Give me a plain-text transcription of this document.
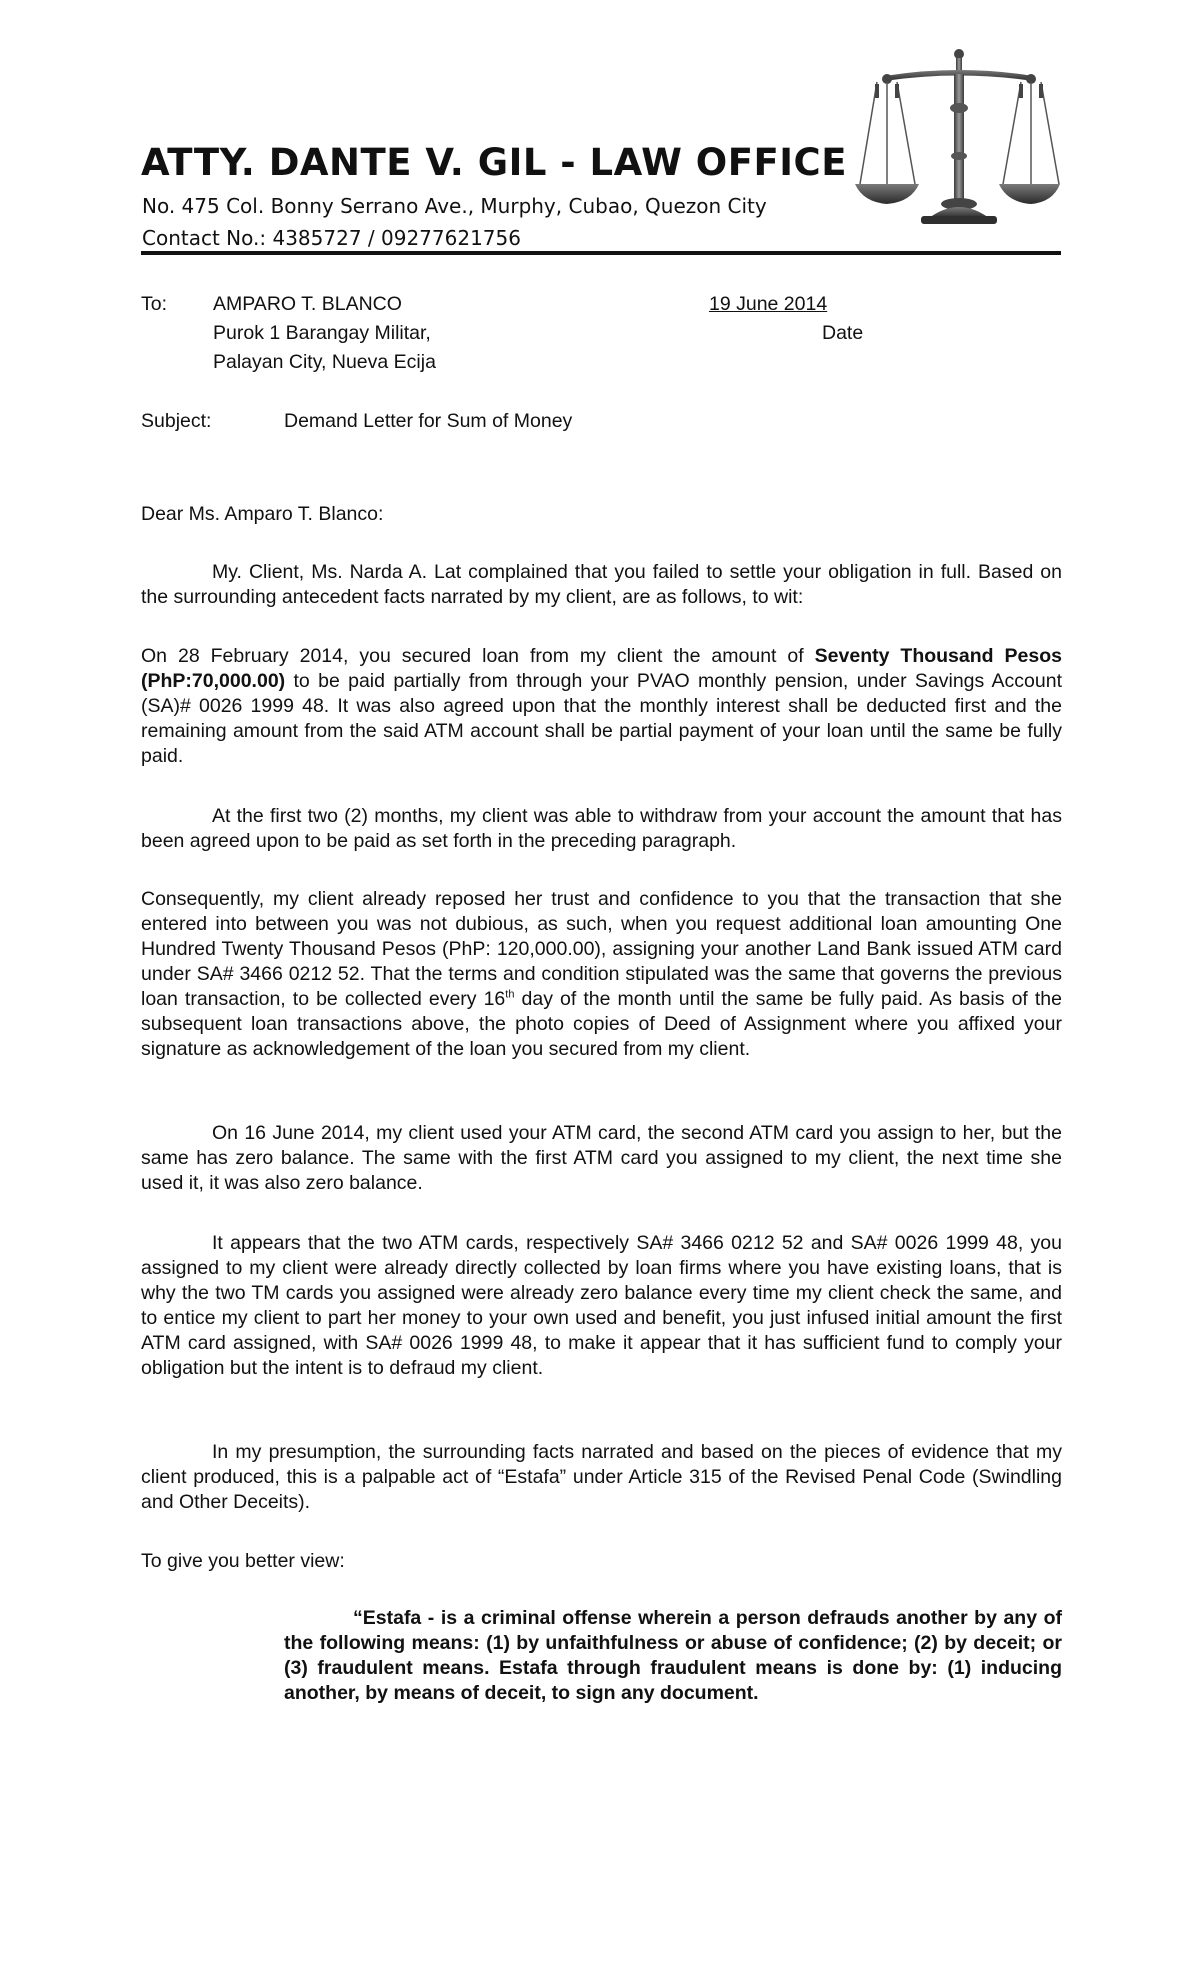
ATTY. DANTE V. GIL - LAW OFFICE
No. 475 Col. Bonny Serrano Ave., Murphy, Cubao, Quezon City
Contact No.: 4385727 / 09277621756
To: AMPARO T. BLANCO
Purok 1 Barangay Militar,
Palayan City, Nueva Ecija
19 June 2014
Date
Subject:	Demand Letter for Sum of Money
Dear Ms. Amparo T. Blanco:

My. Client, Ms. Narda A. Lat complained that you failed to settle your obligation in full. Based on the surrounding antecedent facts narrated by my client, are as follows, to wit:

On 28 February 2014, you secured loan from my client the amount of Seventy Thousand Pesos (PhP:70,000.00) to be paid partially from through your PVAO monthly pension, under Savings Account (SA)# 0026 1999 48. It was also agreed upon that the monthly interest shall be deducted first and the remaining amount from the said ATM account shall be partial payment of your loan until the same be fully paid.

At the first two (2) months, my client was able to withdraw from your account the amount that has been agreed upon to be paid as set forth in the preceding paragraph.

Consequently, my client already reposed her trust and confidence to you that the transaction that she entered into between you was not dubious, as such, when you request additional loan amounting One Hundred Twenty Thousand Pesos (PhP: 120,000.00), assigning your another Land Bank issued ATM card under SA# 3466 0212 52. That the terms and condition stipulated was the same that governs the previous loan transaction, to be collected every 16th day of the month until the same be fully paid. As basis of the subsequent loan transactions above, the photo copies of Deed of Assignment where you affixed your signature as acknowledgement of the loan you secured from my client.

On 16 June 2014, my client used your ATM card, the second ATM card you assign to her, but the same has zero balance. The same with the first ATM card you assigned to my client, the next time she used it, it was also zero balance.

It appears that the two ATM cards, respectively SA# 3466 0212 52 and SA# 0026 1999 48, you assigned to my client were already directly collected by loan firms where you have existing loans, that is why the two TM cards you assigned were already zero balance every time my client check the same, and to entice my client to part her money to your own used and benefit, you just infused initial amount the first ATM card assigned, with SA# 0026 1999 48, to make it appear that it has sufficient fund to comply your obligation but the intent is to defraud my client.

In my presumption, the surrounding facts narrated and based on the pieces of evidence that my client produced, this is a palpable act of “Estafa” under Article 315 of the Revised Penal Code (Swindling and Other Deceits).

To give you better view:

“Estafa - is a criminal offense wherein a person defrauds another by any of the following means: (1) by unfaithfulness or abuse of confidence; (2) by deceit; or (3) fraudulent means. Estafa through fraudulent means is done by: (1) inducing another, by means of deceit, to sign any document.
